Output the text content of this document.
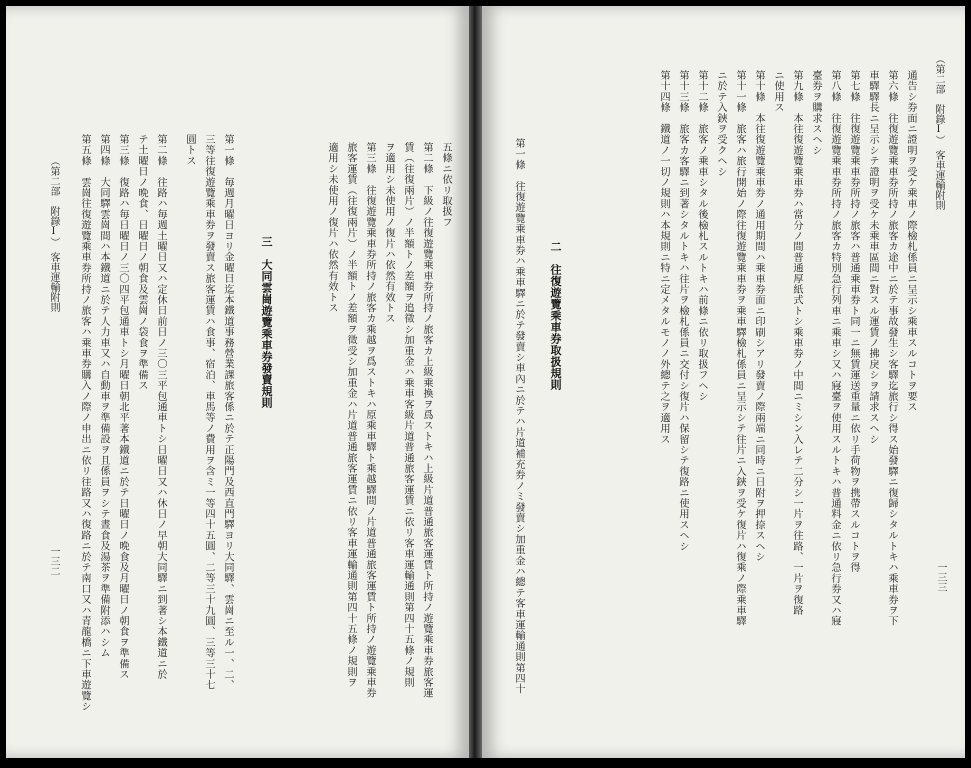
（第二部　附錄Ⅰ）　客車運輸附則
一三三
通告シ券面ニ證明ヲ受ケ乘車ノ際檢札係員ニ呈示シ乘車スルコトヲ要ス
第六條　往復遊覽乘車券所持ノ旅客カ途中ニ於テ事故發生シ客驛迄旅行シ得ス始發驛ニ復歸シタルトキハ乘車券ヲ下
車驛驛長ニ呈示シテ證明ヲ受ケ未乘車區間ニ對スル運賃ノ拂戾シヲ請求スヘシ
第七條　往復遊覽乘車券所持ノ旅客ハ普通乘車券ト同一ニ無賃運送重量ニ依リ手荷物ヲ携帶スルコトヲ得
第八條　往復遊覽乘車券所持ノ旅客カ特別急行列車ニ乘車シ又ハ寢臺ヲ使用スルトキハ普通料金ニ依リ急行券又ハ寢
臺券ヲ購求スヘシ
第九條　本往復遊覽乘車券ハ當分ノ間普通厚紙式トシ乘車券ノ中間ニミシン入レテ二分シ一片ヲ往路、一片ヲ復路
ニ使用ス
第十條　本往復遊覽乘車券ノ通用期間ハ乘車券面ニ印刷シアリ發賣ノ際兩端ニ同時ニ日附ヲ押捺スヘシ
第十一條　旅客ハ旅行開始ノ際往復遊覽乘車券ヲ乘車驛檢札係員ニ呈示シテ往片ニ入鋏ヲ受ケ復片ハ復乘ノ際乘車驛
ニ於テ入鋏ヲ受クヘシ
第十二條　旅客ノ乘車シタル後檢札スルトキハ前條ニ依リ取扱フヘシ
第十三條　旅客カ客驛ニ到著シタルトキハ往片ヲ檢札係員ニ交付シ復片ハ保留シテ復路ニ使用スヘシ
第十四條　鐵道ノ一切ノ規則ハ本規則ニ特ニ定メタルモノノ外總テ之ヲ適用ス
二　往復遊覽乘車券取扱規則
第一條　往復遊覽乘車券ハ乘車驛ニ於テ發賣シ車內ニ於テハ片道補充券ノミ發賣シ加重金ハ總テ客車運輸通則第四十
一三二
（第二部　附錄Ⅰ）　客車運輸附則	五條ニ依リ取扱フ
第二條　下級ノ往復遊覽乘車券所持ノ旅客カ上級乘換ヲ爲ストキハ上級片道普通旅客運賃ト所持ノ遊覽乘車券旅客運
賃（往復兩片）ノ半額トノ差額ヲ追徵シ加重金ハ乘車客級片道普通旅客運賃ニ依リ客車運輸通則第四十五條ノ規則
ヲ適用シ未使用ノ復片ハ依然有效トス
第三條　往復遊覽乘車券所持ノ旅客カ乘越ヲ爲ストキハ原乘車驛ト乘越驛間ノ片道普通旅客運賃ト所持ノ遊覽乘車券
旅客運賃（往復兩片）ノ半額トノ差額ヲ徵受シ加重金ハ片道普通旅客運賃ニ依リ客車運輸通則第四十五條ノ規則ヲ
適用シ未使用ノ復片ハ依然有效トス
三　大同雲崗遊覽乘車券發賣規則
第一條　毎週月曜日ヨリ金曜日迄本鐵道事務營業課旅客係ニ於テ正陽門及西直門驛ヨリ大同驛、雲崗ニ至ル一、二、
三等往復遊覽乘車券ヲ發賣ス旅客運賃ハ食事、宿泊、車馬等ノ費用ヲ含ミ一等四十五圓、二等三十九圓、三等三十七
圓トス
第二條　往路ハ毎週土曜日又ハ定休日前日ノ三〇三平包通車トシ日曜日又ハ休日ノ早朝大同驛ニ到著シ本鐵道ニ於
テ土曜日ノ晩食、日曜日ノ朝食及雲崗ノ袋食ヲ準備ス
第三條　復路ハ毎日曜日ノ三〇四平包通車トシ月曜日朝北平著本鐵道ニ於テ日曜日ノ晩食及月曜日ノ朝食ヲ準備ス
第四條　大同驛雲崗間ハ本鐵道ニ於テ人力車又ハ自動車ヲ準備設ヲ且係員ヲシテ晝食及湯茶ヲ準備附添ハシム
第五條　雲崗往復遊覽乘車券所持ノ旅客ハ乘車券購入ノ際ノ申出ニ依リ往路又ハ復路ニ於テ南口又ハ青龍橋ニ下車遊覽シ
